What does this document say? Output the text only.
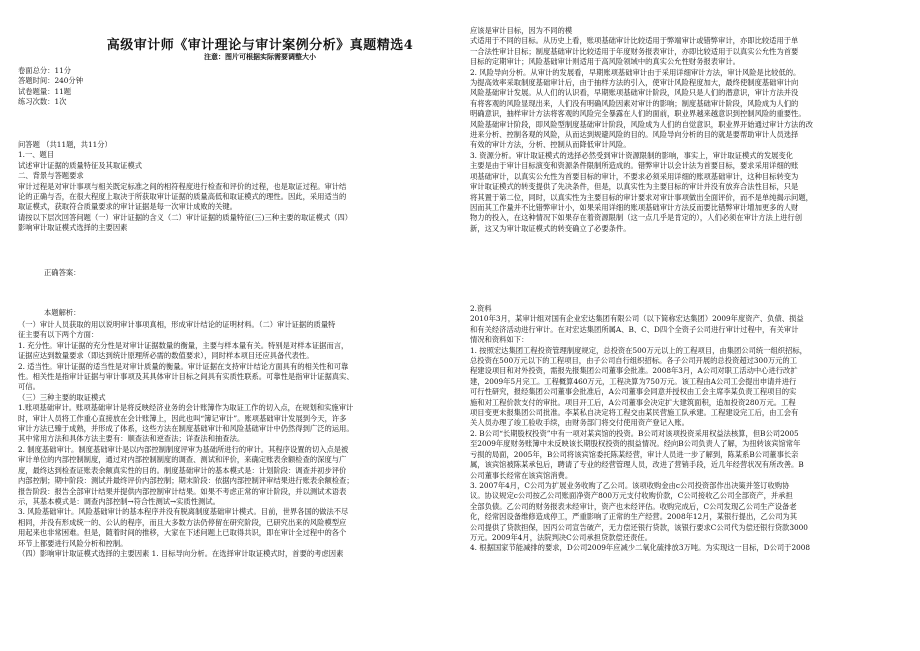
高级审计师《审计理论与审计案例分析》真题精选4
注意：图片可根据实际需要调整大小
卷面总分：11分
答题时间：240分钟
试卷题量：11题
练习次数：1次
问答题 （共11题，共11分）
1.一、题目
试述审计证据的质量特征及其取证模式
二、背景与答题要求
审计过程是对审计事项与相关既定标准之间的相符程度进行检查和评价的过程，也是取证过程。审计结
论的正确与否，在很大程度上取决于所获取审计证据的质量高低和取证模式的理性。因此，采用适当的
取证模式，获取符合质量要求的审计证据是每一次审计成败的关键。
请按以下层次回答问题（一）审计证据的含义（二）审计证据的质量特征(三)三种主要的取证模式（四）
影响审计取证模式选择的主要因素
正确答案：
本题解析：
（一）审计人员获取的用以说明审计事项真相，形成审计结论的证明材料。（二）审计证据的质量特
征主要有以下两个方面：
1. 充分性。审计证据的充分性是对审计证据数量的衡量，主要与样本量有关。特别是对样本证据而言，
证据应达到数量要求（即达到统计原理所必需的数值要求），同时样本项目还应具备代表性。
2. 适当性。审计证据的适当性是对审计质量的衡量。审计证据在支持审计结论方面具有的相关性和可靠
性。相关性是指审计证据与审计事项及其具体审计目标之间具有实质性联系。可靠性是指审计证据真实、
可信。
（三）三种主要的取证模式
1.账项基础审计。账项基础审计是将反映经济业务的会计账簿作为取证工作的切入点，在规划和实施审计
时，审计人员将工作重心直接放在会计账簿上，因此也叫“簿记审计”。账项基础审计发展到今天，许多
审计方法已臻于成熟，并形成了体系，这些方法在制度基础审计和风险基础审计中仍然得到广泛的运用。
其中常用方法和具体方法主要有：顺查法和逆查法；详查法和抽查法。
2. 制度基础审计。制度基础审计是以内部控制制度评审为基础所进行的审计。其程序设置的切入点是被
审计单位的内部控制制度，通过对内部控制制度的调查、测试和评价，来确定账表余额检查的深度与广
度，最终达到检查证账表余额真实性的目的。制度基础审计的基本模式是：计划阶段：调查并初步评价
内部控制；期中阶段：测试并最终评价内部控制；期末阶段：依据内部控制评审结果进行账表余额检查；
报告阶段：报告全部审计结果并提供内部控制审计结果。如果不考虑正常的审计阶段，并以测试术语表
示，其基本模式是：调查内部控制→符合性测试→实质性测试。
3. 风险基础审计。风险基础审计的基本程序并没有脱离制度基础审计模式。目前，世界各国的做法不尽
相同，并没有形成统一的、公认的程序，而且大多数方法仍停留在研究阶段，已研究出来的风险模型应
用起来也非常困难。但是，随着时间的推移，大家在下述问题上已取得共识，即在审计全过程中的各个
环节上都要进行风险分析和控制。
（四）影响审计取证模式选择的主要因素 1. 目标导向分析。在选择审计取证模式时，首要的考虑因素
应该是审计目标，因为不同的模
式适用于不同的目标。从历史上看，账项基础审计比较适用于弊端审计或错弊审计，亦即比较适用于单
一合法性审计目标；制度基础审计比较适用于年度财务报表审计，亦即比较适用于以真实公允性为首要
目标的定期审计；风险基础审计则适用于高风险领域中的真实公允性财务报表审计。
2. 风险导向分析。从审计的发展看，早期账项基础审计由于采用详细审计方法，审计风险是比较低的。
为提高效率采取制度基础审计后，由于抽样方法的引入，使审计风险程度加大，最终使制度基础审计向
风险基础审计发展。从人们的认识看，早期账项基础审计阶段，风险只是人们的潜意识，审计方法并没
有将客观的风险显现出来，人们没有明确风险因素对审计的影响；制度基础审计阶段，风险成为人们的
明确意识，抽样审计方法将客观的风险完全暴露在人们的面前，职业界越来越意识到控制风险的重要性。
风险基础审计阶段，即风险型制度基础审计阶段，风险成为人们的自觉意识，职业界开始通过审计方法的改
进来分析、控制各观的风险，从而达到规避风险的目的。风险导向分析的目的就是要帮助审计人员选择
有效的审计方法，分析、控制从而降低审计风险。
3. 资源分析。审计取证模式的选择必然受到审计资源限制的影响，事实上，审计取证模式的发展变化
主要是由于审计目标演变和资源条件限制所造成的。错弊审计以会计法为首要目标，要求采用详细的账
项基础审计，以真实公允性为首要目标的审计，不要求必须采用详细的账项基础审计，这种目标转变为
审计取证模式的转变提供了先决条件，但是，以真实性为主要目标的审计并没有放弃合法性目标，只是
将其置于第二位，同时，以真实性为主要目标的审计要求对审计事项做出全面评价，而不是单纯揭示问题，
因而其工作量并不比错弊审计小，如果采用详细的账项基础审计方法反而要比错弊审计增加更多的人财
物力的投入，在这种情况下如果存在着资源限制（这一点几乎是肯定的），人们必须在审计方法上进行创
新，这又为审计取证模式的转变确立了必要条件。
2.资料
2010年3月，某审计组对国有企业宏达集团有限公司（以下简称宏达集团）2009年度资产、负债、损益
和有关经济活动进行审计。在对宏达集团所属A、B、C、D四个全资子公司进行审计过程中，有关审计
情况和资料如下：
1. 按照宏达集团工程投资管理制度规定，总投资在500万元以上的工程项目，由集团公司统一组织招标，
总投资在500万元以下的工程项目，由子公司自行组织招标。各子公司开展的总投资超过300万元的工
程建设项目和对外投资，需报先报集团公司董事会批准。2008年3月，A公司对职工活动中心进行改扩
建，2009年5月完工。工程概算460万元，工程决算为750万元。该工程由A公司工会提出申请并进行
可行性研究，报经集团公司董事会批准后，A公司董事会同意并授权由工会主席李某负责工程项目的实
施和对工程价款支付的审批。项目开工后，A公司董事会决定扩大建筑面积，追加投资280万元。工程
项目变更未报集团公司批准。李某私自决定将工程交由某民营施工队承建。工程建设完工后，由工会有
关人员办理了竣工验收手续，由财务部门将交付使用资产登记入账。
2. B公司“长期股权投资”中有一项对某宾馆的投资。B公司对该项投资采用权益法核算，但B公司2005
至2009年度财务账簿中未反映该长期股权投资的损益情况。经向B公司负责人了解，为扭转该宾馆常年
亏损的局面，2005年，B公司将该宾馆委托陈某经营，审计人员进一步了解到，陈某系B公司董事长亲
属，该宾馆被陈某承包后，聘请了专业的经营管理人员，改进了营销手段，近几年经营状况有所改善。B
公司董事长经常在该宾馆消费。
3. 2007年4月，C公司为扩展业务收购了乙公司。该项收购金由c公司投资部作出决策并签订收购协
议。协议规定c公司按乙公司账面净资产800万元支付收购价款，C公司接收乙公司全部资产，并承担
全部负债。乙公司的财务报表未经审计，资产也未经评估。收购完成后，C公司发现乙公司生产设备老
化，经常因设备维修造成停工，严重影响了正常的生产经营。2008年12月，某银行提出，乙公司为其
公司提供了贷款担保，因丙公司宣告破产，无力偿还银行贷款，该银行要求C公司代为偿还银行贷款3000
万元。2009年4月，法院判决C公司承担贷款偿还责任。
4. 根据国家节能减排的要求，D公司2009年应减少二氧化硫排放3万吨。为实现这一目标，D公司于2008
